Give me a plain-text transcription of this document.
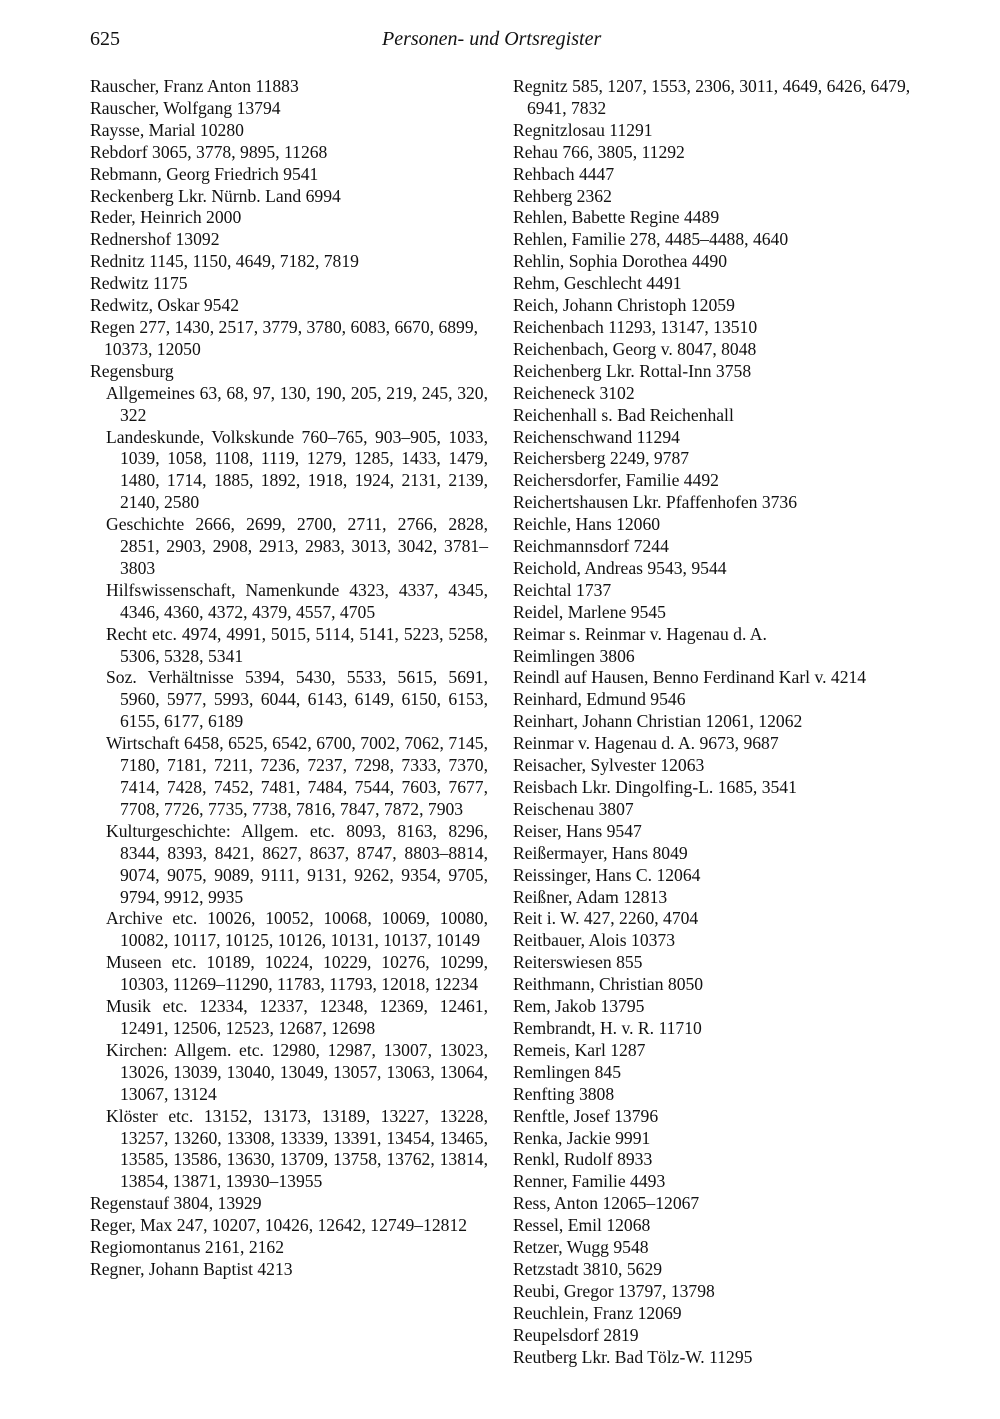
625	Personen- und Ortsregister
Rauscher, Franz Anton 11883
Rauscher, Wolfgang 13794
Raysse, Marial 10280
Rebdorf 3065, 3778, 9895, 11268
Rebmann, Georg Friedrich 9541
Reckenberg Lkr. Nürnb. Land 6994
Reder, Heinrich 2000
Rednershof 13092
Rednitz 1145, 1150, 4649, 7182, 7819
Redwitz 1175
Redwitz, Oskar 9542
Regen 277, 1430, 2517, 3779, 3780, 6083, 6670, 6899, 10373, 12050
Regensburg
Allgemeines 63, 68, 97, 130, 190, 205, 219, 245, 320, 322
Landeskunde, Volkskunde 760–765, 903–905, 1033, 1039, 1058, 1108, 1119, 1279, 1285, 1433, 1479, 1480, 1714, 1885, 1892, 1918, 1924, 2131, 2139, 2140, 2580
Geschichte 2666, 2699, 2700, 2711, 2766, 2828, 2851, 2903, 2908, 2913, 2983, 3013, 3042, 3781–3803
Hilfswissenschaft, Namenkunde 4323, 4337, 4345, 4346, 4360, 4372, 4379, 4557, 4705
Recht etc. 4974, 4991, 5015, 5114, 5141, 5223, 5258, 5306, 5328, 5341
Soz. Verhältnisse 5394, 5430, 5533, 5615, 5691, 5960, 5977, 5993, 6044, 6143, 6149, 6150, 6153, 6155, 6177, 6189
Wirtschaft 6458, 6525, 6542, 6700, 7002, 7062, 7145, 7180, 7181, 7211, 7236, 7237, 7298, 7333, 7370, 7414, 7428, 7452, 7481, 7484, 7544, 7603, 7677, 7708, 7726, 7735, 7738, 7816, 7847, 7872, 7903
Kulturgeschichte: Allgem. etc. 8093, 8163, 8296, 8344, 8393, 8421, 8627, 8637, 8747, 8803–8814, 9074, 9075, 9089, 9111, 9131, 9262, 9354, 9705, 9794, 9912, 9935
Archive etc. 10026, 10052, 10068, 10069, 10080, 10082, 10117, 10125, 10126, 10131, 10137, 10149
Museen etc. 10189, 10224, 10229, 10276, 10299, 10303, 11269–11290, 11783, 11793, 12018, 12234
Musik etc. 12334, 12337, 12348, 12369, 12461, 12491, 12506, 12523, 12687, 12698
Kirchen: Allgem. etc. 12980, 12987, 13007, 13023, 13026, 13039, 13040, 13049, 13057, 13063, 13064, 13067, 13124
Klöster etc. 13152, 13173, 13189, 13227, 13228, 13257, 13260, 13308, 13339, 13391, 13454, 13465, 13585, 13586, 13630, 13709, 13758, 13762, 13814, 13854, 13871, 13930–13955
Regenstauf 3804, 13929
Reger, Max 247, 10207, 10426, 12642, 12749–12812
Regiomontanus 2161, 2162
Regner, Johann Baptist 4213
Regnitz 585, 1207, 1553, 2306, 3011, 4649, 6426, 6479, 6941, 7832
Regnitzlosau 11291
Rehau 766, 3805, 11292
Rehbach 4447
Rehberg 2362
Rehlen, Babette Regine 4489
Rehlen, Familie 278, 4485–4488, 4640
Rehlin, Sophia Dorothea 4490
Rehm, Geschlecht 4491
Reich, Johann Christoph 12059
Reichenbach 11293, 13147, 13510
Reichenbach, Georg v. 8047, 8048
Reichenberg Lkr. Rottal-Inn 3758
Reicheneck 3102
Reichenhall s. Bad Reichenhall
Reichenschwand 11294
Reichersberg 2249, 9787
Reichersdorfer, Familie 4492
Reichertshausen Lkr. Pfaffenhofen 3736
Reichle, Hans 12060
Reichmannsdorf 7244
Reichold, Andreas 9543, 9544
Reichtal 1737
Reidel, Marlene 9545
Reimar s. Reinmar v. Hagenau d. A.
Reimlingen 3806
Reindl auf Hausen, Benno Ferdinand Karl v. 4214
Reinhard, Edmund 9546
Reinhart, Johann Christian 12061, 12062
Reinmar v. Hagenau d. A. 9673, 9687
Reisacher, Sylvester 12063
Reisbach Lkr. Dingolfing-L. 1685, 3541
Reischenau 3807
Reiser, Hans 9547
Reißermayer, Hans 8049
Reissinger, Hans C. 12064
Reißner, Adam 12813
Reit i. W. 427, 2260, 4704
Reitbauer, Alois 10373
Reiterswiesen 855
Reithmann, Christian 8050
Rem, Jakob 13795
Rembrandt, H. v. R. 11710
Remeis, Karl 1287
Remlingen 845
Renfting 3808
Renftle, Josef 13796
Renka, Jackie 9991
Renkl, Rudolf 8933
Renner, Familie 4493
Ress, Anton 12065–12067
Ressel, Emil 12068
Retzer, Wugg 9548
Retzstadt 3810, 5629
Reubi, Gregor 13797, 13798
Reuchlein, Franz 12069
Reupelsdorf 2819
Reutberg Lkr. Bad Tölz-W. 11295
